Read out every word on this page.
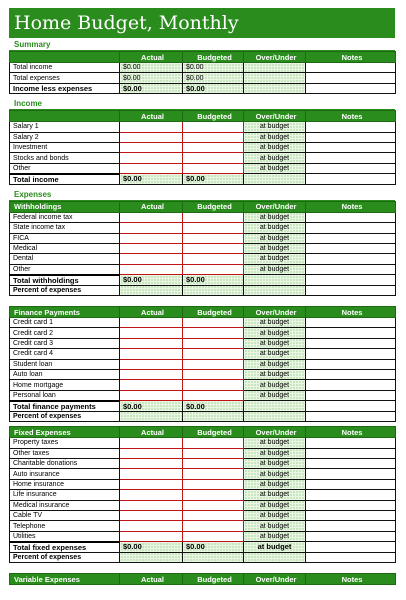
Home Budget, Monthly
Summary
	Actual	Budgeted	Over/Under	Notes
Total income	$0.00	$0.00		
Total expenses	$0.00	$0.00		
Income less expenses	$0.00	$0.00		
Income
	Actual	Budgeted	Over/Under	Notes
Salary 1			at budget	
Salary 2			at budget	
Investment			at budget	
Stocks and bonds			at budget	
Other			at budget	
Total income	$0.00	$0.00		
Expenses
Withholdings	Actual	Budgeted	Over/Under	Notes
Federal income tax			at budget	
State income tax			at budget	
FICA			at budget	
Medical			at budget	
Dental			at budget	
Other			at budget	
Total withholdings	$0.00	$0.00		
Percent of expenses				
Finance Payments	Actual	Budgeted	Over/Under	Notes
Credit card 1			at budget	
Credit card 2			at budget	
Credit card 3			at budget	
Credit card 4			at budget	
Student loan			at budget	
Auto loan			at budget	
Home mortgage			at budget	
Personal loan			at budget	
Total finance payments	$0.00	$0.00		
Percent of expenses				
Fixed Expenses	Actual	Budgeted	Over/Under	Notes
Property taxes			at budget	
Other taxes			at budget	
Charitable donations			at budget	
Auto insurance			at budget	
Home insurance			at budget	
Life insurance			at budget	
Medical insurance			at budget	
Cable TV			at budget	
Telephone			at budget	
Utilities			at budget	
Total fixed expenses	$0.00	$0.00	at budget	
Percent of expenses				
Variable Expenses	Actual	Budgeted	Over/Under	Notes
